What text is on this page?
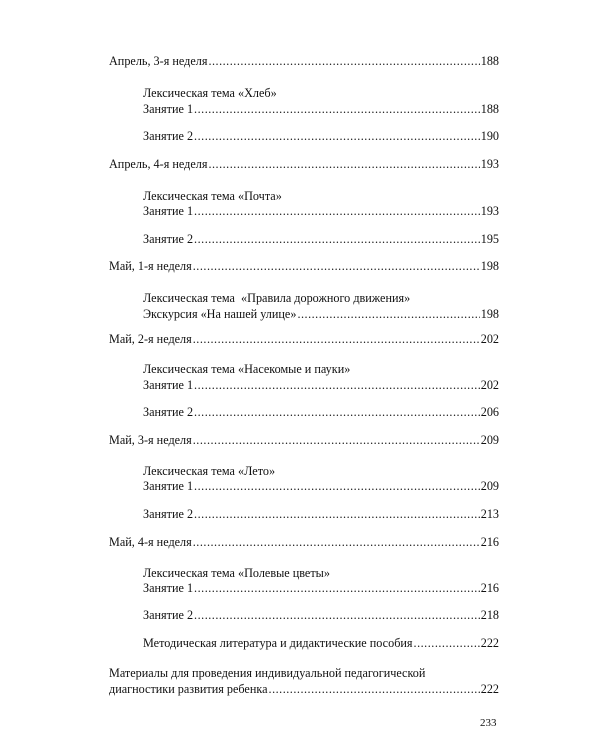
Апрель, 3-я неделя .....	188
Лексическая тема «Хлеб»
Занятие 1 .....	188
Занятие 2 .....	190
Апрель, 4-я неделя .....	193
Лексическая тема «Почта»
Занятие 1 .....	193
Занятие 2 .....	195
Май, 1-я неделя .....	198
Лексическая тема  «Правила дорожного движения»
Экскурсия «На нашей улице» .....	198
Май, 2-я неделя .....	202
Лексическая тема «Насекомые и пауки»
Занятие 1 .....	202
Занятие 2 .....	206
Май, 3-я неделя .....	209
Лексическая тема «Лето»
Занятие 1 .....	209
Занятие 2 .....	213
Май, 4-я неделя .....	216
Лексическая тема «Полевые цветы»
Занятие 1 .....	216
Занятие 2 .....	218
Методическая литература и дидактические пособия .....	222
Материалы для проведения индивидуальной педагогической
диагностики развития ребенка .....	222
233
